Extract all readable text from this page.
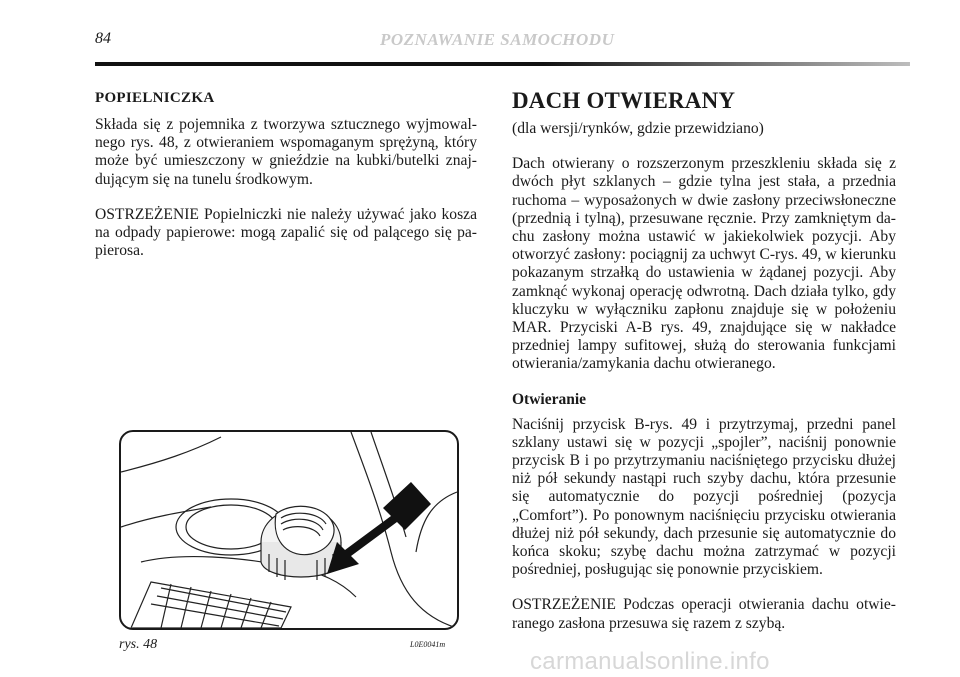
84	POZNAWANIE SAMOCHODU
POPIELNICZKA

Składa się z pojemnika z tworzywa sztucznego wyjmowalnego rys. 48, z otwieraniem wspomaganym sprężyną, który może być umieszczony w gnieździe na kubki/butelki znajdującym się na tunelu środkowym.

OSTRZEŻENIE Popielniczki nie należy używać jako kosza na odpady papierowe: mogą zapalić się od palącego się papierosa.

rys. 48	L0E0041m
DACH OTWIERANY

(dla wersji/rynków, gdzie przewidziano)

Dach otwierany o rozszerzonym przeszkleniu składa się z dwóch płyt szklanych – gdzie tylna jest stała, a przednia ruchoma – wyposażonych w dwie zasłony przeciwsłoneczne (przednią i tylną), przesuwane ręcznie. Przy zamkniętym dachu zasłony można ustawić w jakiekolwiek pozycji. Aby otworzyć zasłony: pociągnij za uchwyt C-rys. 49, w kierunku pokazanym strzałką do ustawienia w żądanej pozycji. Aby zamknąć wykonaj operację odwrotną. Dach działa tylko, gdy kluczyku w wyłączniku zapłonu znajduje się w położeniu MAR. Przyciski A-B rys. 49, znajdujące się w nakładce przedniej lampy sufitowej, służą do sterowania funkcjami otwierania/zamykania dachu otwieranego.

Otwieranie

Naciśnij przycisk B-rys. 49 i przytrzymaj, przedni panel szklany ustawi się w pozycji „spojler”, naciśnij ponownie przycisk B i po przytrzymaniu naciśniętego przycisku dłużej niż pół sekundy nastąpi ruch szyby dachu, która przesunie się automatycznie do pozycji pośredniej (pozycja „Comfort”). Po ponownym naciśnięciu przycisku otwierania dłużej niż pół sekundy, dach przesunie się automatycznie do końca skoku; szybę dachu można zatrzymać w pozycji pośredniej, posługując się ponownie przyciskiem.

OSTRZEŻENIE Podczas operacji otwierania dachu otwieranego zasłona przesuwa się razem z szybą.

carmanualsonline.info
